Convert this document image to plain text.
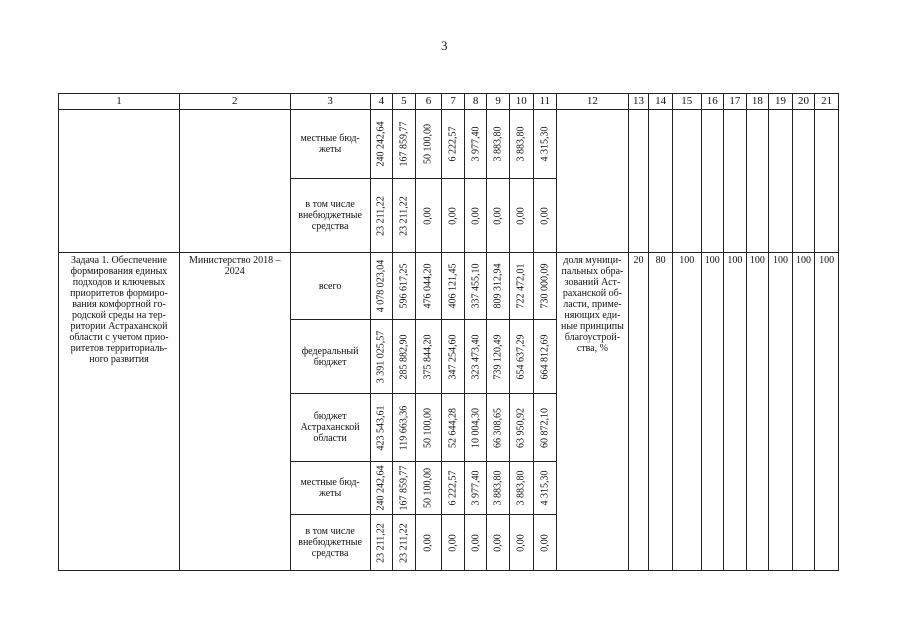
3
1	2	3	4	5	6	7	8	9	10	11	12	13	14	15	16	17	18	19	20	21
		местные бюд-жеты	240 242,64	167 859,77	50 100,00	6 222,57	3 977,40	3 883,80	3 883,80	4 315,30										

		в том числе внебюджетные средства	23 211,22	23 211,22	0,00	0,00	0,00	0,00	0,00	0,00										

Задача 1. Обеспечение формирования единых подходов и ключевых приоритетов формиро-вания комфортной го-родской среды на тер-ритории Астраханской области с учетом прио-ритетов территориаль-ного развития	Министерство 2018 – 2024	всего	4 078 023,04	596 617,25	476 044,20	406 121,45	337 455,10	809 312,94	722 472,01	730 000,09	доля муници-пальных обра-зований Аст-раханской об-ласти, приме-няющих еди-ные принципы благоустрой-ства, %	20	80	100	100	100	100	100	100	100
		федеральный бюджет	3 391 025,57	285 882,90	375 844,20	347 254,60	323 473,40	739 120,49	654 637,29	664 812,69										

		бюджет Астраханской области	423 543,61	119 663,36	50 100,00	52 644,28	10 004,30	66 308,65	63 950,92	60 872,10										

		местные бюд-жеты	240 242,64	167 859,77	50 100,00	6 222,57	3 977,40	3 883,80	3 883,80	4 315,30										

		в том числе внебюджетные средства	23 211,22	23 211,22	0,00	0,00	0,00	0,00	0,00	0,00										
